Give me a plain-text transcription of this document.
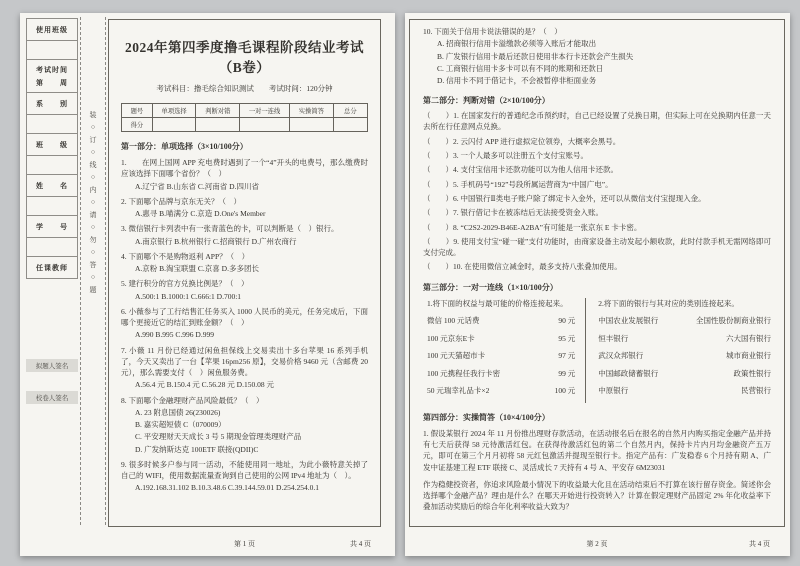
使用班级
考试时间
第　　周
系　　别
班　　级
姓　　名
学　　号
任课教师
拟题人签名
校卷人签名
装○订○线○内○请○勿○答○题
2024年第四季度撸毛课程阶段结业考试（B卷）
考试科目：撸毛综合知识测试　　考试时间：120分钟
题号	单项选择	判断对错	一对一连线	实操简答	总分
得分					
第一部分：单项选择（3×10/100分）
1.　　在网上国网 APP 充电费时遇到了一个“4”开头的电费号，那么缴费时应该选择下面哪个省份？（　）
A.辽宁省 B.山东省 C.河南省 D.四川省
2. 下面哪个品牌与京东无关？（　）
A.惠寻 B.喵满分 C.京造 D.One's Member
3. 微信银行卡列表中有一张青蓝色的卡，可以判断是（　）银行。
A.南京银行 B.杭州银行 C.招商银行 D.广州农商行
4. 下面哪个不是购物返利 APP？（　）
A.京粉 B.淘宝联盟 C.京喜 D.多多团长
5. 建行积分的官方兑换比例是？（　）
A.500:1 B.1000:1 C.666:1 D.700:1
6. 小薇参与了工行结售汇任务买入 1000 人民币的美元，任务完成后，下面哪个更接近它的结汇到账金额？（　）
A.990 B.995 C.996 D.999
7. 小薇 11 月份已经通过闲鱼担保线上交易卖出十多台苹果 16 系列手机了，今天又卖出了一台【苹果 16pm256 原】，交易价格 9460 元（含邮费 20 元），那么需要支付（　）闲鱼服务费。
A.56.4 元 B.150.4 元 C.56.28 元 D.150.08 元
8. 下面哪个金融理财产品风险最低？（　）
A. 23 附息国债 26(230026)
B. 嘉实超短债 C（070009）
C. 平安理财天天成长 3 号 5 期现金管理类理财产品
D. 广发纳斯达克 100ETF 联接(QDII)C
9. 很多时候多户参与同一活动，不能使用同一地址，为此小薇特意关掉了自己的 WIFI，使用数据流量查询到自己使用的公网 IPv4 地址为（　）。
A.192.168.31.102 B.10.3.48.6 C.39.144.59.01 D.254.254.0.1
第 1 页	共 4 页
10. 下面关于信用卡说法错误的是？（　）
A. 招商银行信用卡溢缴款必须等入账后才能取出
B. 广发银行信用卡最后还款日使用非本行卡还款会产生损失
C. 工商银行信用卡多卡可以有不同的账期和还款日
D. 信用卡不同于借记卡，不会被暂停非柜面业务
第二部分：判断对错（2×10/100分）
（　　）1. 在国家发行的普通纪念币预约时，自己已经设置了兑换日期，但实际上可在兑换期内任意一天去所在行任意网点兑换。
（　　）2. 云闪付 APP 进行虚拟定位领券，大概率会黑号。
（　　）3. 一个人最多可以注册五个支付宝账号。
（　　）4. 支付宝信用卡还款功能可以为他人信用卡还款。
（　　）5. 手机码号“192”号段所属运营商为“中国广电”。
（　　）6. 中国银行Ⅱ类电子账户除了绑定卡入金外，还可以从微信支付宝提现入金。
（　　）7. 银行借记卡在被冻结后无法接受资金入账。
（　　）8. “C2S2-2029-B46E-A2BA”有可能是一张京东 E 卡卡密。
（　　）9. 使用支付宝“碰一碰”支付功能时，由商家设备主动发起小额收款，此时付款手机无需网络即可支付完成。
（　　）10. 在使用微信立减金时，最多支持八张叠加使用。
第三部分：一对一连线（1×10/100分）
1.将下面的权益与最可能的价格连接起来。
微信 100 元话费	90 元
100 元京东E卡	95 元
100 元天猫超市卡	97 元
100 元携程任我行卡密	99 元
50 元瑞幸礼品卡×2	100 元
2.将下面的银行与其对应的类别连接起来。
中国农业发展银行	全国性股份制商业银行
恒丰银行	六大国有银行
武汉众邦银行	城市商业银行
中国邮政储蓄银行	政策性银行
中原银行	民营银行
第四部分：实操简答（10×4/100分）
1. 假设某银行 2024 年 11 月份推出理财存款活动，在活动报名后在报名的自然月内购买指定金融产品并持有七天后获得 58 元待激活红包。在获得待激活红包的第二个自然月内，保持卡片内月均金融资产五万元，即可在第三个月月初将 58 元红包激活并提现至银行卡。指定产品有：广发稳春 6 个月持有期 A、广发中证基建工程 ETF 联接 C、灵活成长 7 天持有 4 号 A、平安存 6M23031
作为稳健投资者，你追求风险最小情况下的收益最大化且在活动结束后不打算在该行留存资金。简述你会选择哪个金融产品？理由是什么？在哪天开始进行投资转入？计算在假定理财产品固定 2% 年化收益率下叠加活动奖励后的综合年化利率收益大致为？
第 2 页	共 4 页
